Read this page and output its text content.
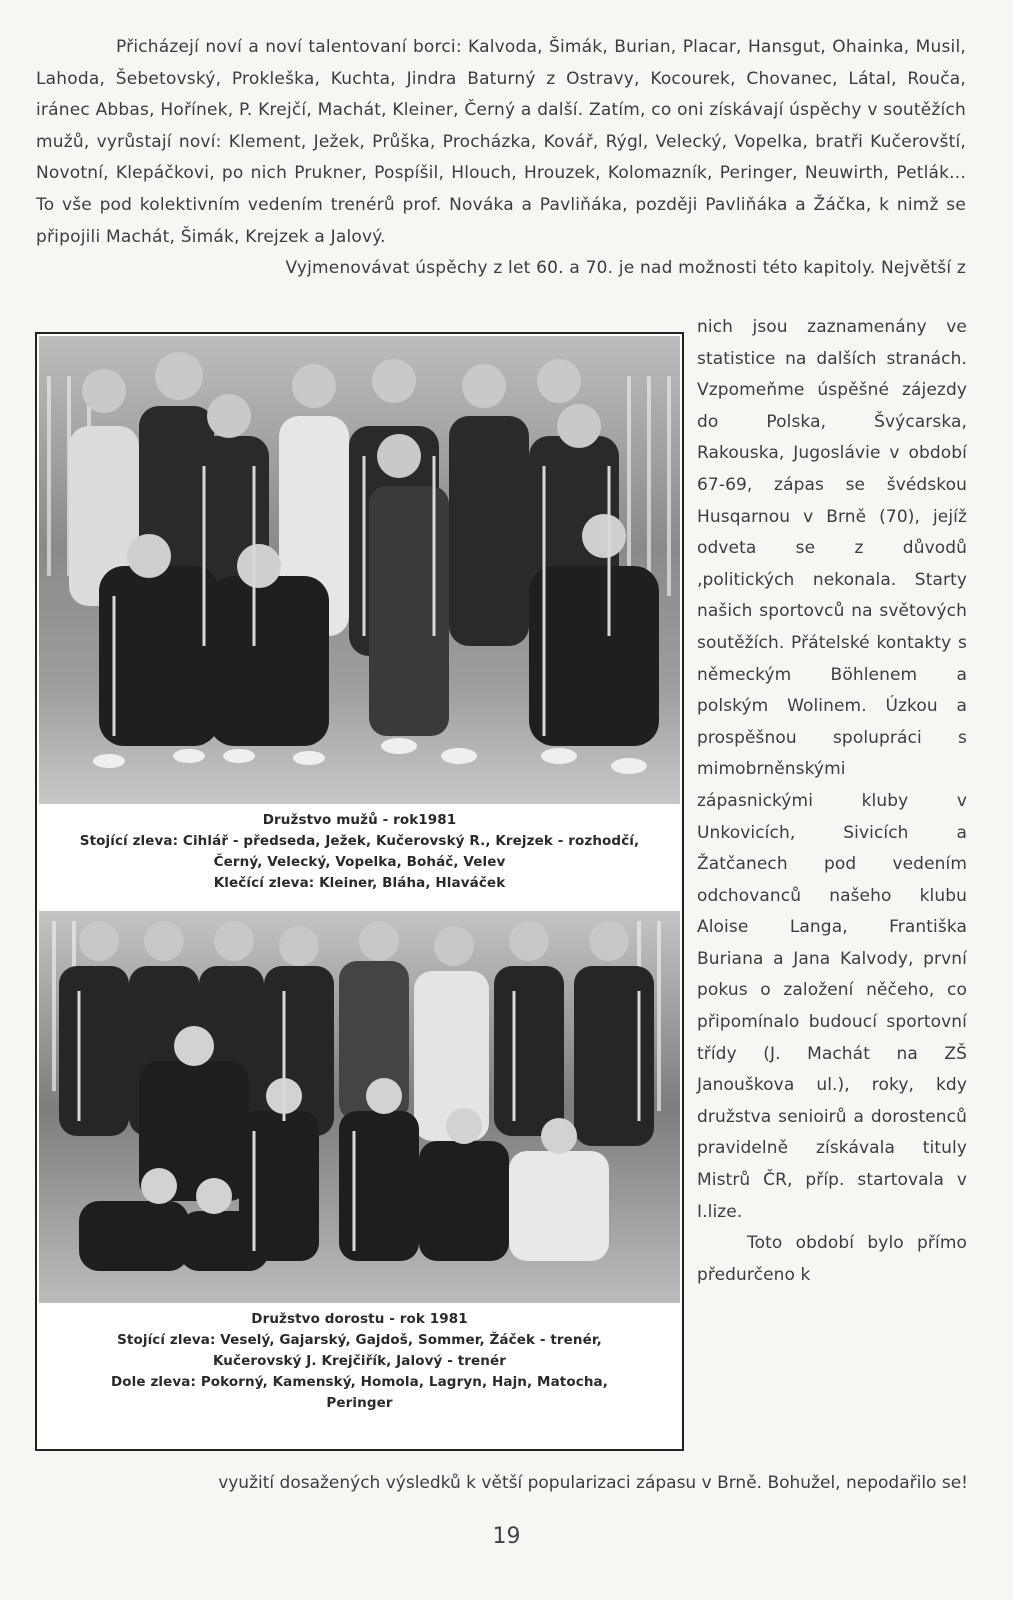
Přicházejí noví a noví talentovaní borci: Kalvoda, Šimák, Burian, Placar, Hansgut, Ohainka, Musil, Lahoda, Šebetovský, Prokleška, Kuchta, Jindra Baturný z Ostravy, Kocourek, Chovanec, Látal, Rouča, iránec Abbas, Hořínek, P. Krejčí, Machát, Kleiner, Černý a další. Zatím, co oni získávají úspěchy v soutěžích mužů, vyrůstají noví: Klement, Ježek, Průška, Procházka, Kovář, Rýgl, Velecký, Vopelka, bratři Kučerovští, Novotní, Klepáčkovi, po nich Prukner, Pospíšil, Hlouch, Hrouzek, Kolomazník, Peringer, Neuwirth, Petlák... To vše pod kolektivním vedením trenérů prof. Nováka a Pavliňáka, později Pavliňáka a Žáčka, k nimž se připojili Machát, Šimák, Krejzek a Jalový.

Vyjmenovávat úspěchy z let 60. a 70. je nad možnosti této kapitoly. Největší z

Družstvo mužů - rok1981
Stojící zleva: Cihlář - předseda, Ježek, Kučerovský R., Krejzek - rozhodčí,
Černý, Velecký, Vopelka, Boháč, Velev
Klečící zleva: Kleiner, Bláha, Hlaváček
Družstvo dorostu - rok 1981
Stojící zleva: Veselý, Gajarský, Gajdoš, Sommer, Žáček - trenér,
Kučerovský J. Krejčiřík, Jalový - trenér
Dole zleva: Pokorný, Kamenský, Homola, Lagryn, Hajn, Matocha,
Peringer
nich jsou zaznamenány ve statistice na dalších stranách. Vzpomeňme úspěšné zájezdy do Polska, Švýcarska, Rakouska, Jugoslávie v období 67-69, zápas se švédskou Husqarnou v Brně (70), jejíž odveta se z důvodů ‚politických nekonala. Starty našich sportovců na světových soutěžích. Přátelské kontakty s německým Böhlenem a polským Wolinem. Úzkou a prospěšnou spolupráci s mimobrněnskými zápasnickými kluby v Unkovicích, Sivicích a Žatčanech pod vedením odchovanců našeho klubu Aloise Langa, Františka Buriana a Jana Kalvody, první pokus o založení něčeho, co připomínalo budoucí sportovní třídy (J. Machát na ZŠ Janouškova ul.), roky, kdy družstva senioirů a dorostenců pravidelně získávala tituly Mistrů ČR, příp. startovala v I.lize.
Toto období bylo přímo předurčeno k
využití dosažených výsledků k větší popularizaci zápasu v Brně. Bohužel, nepodařilo se!
19
